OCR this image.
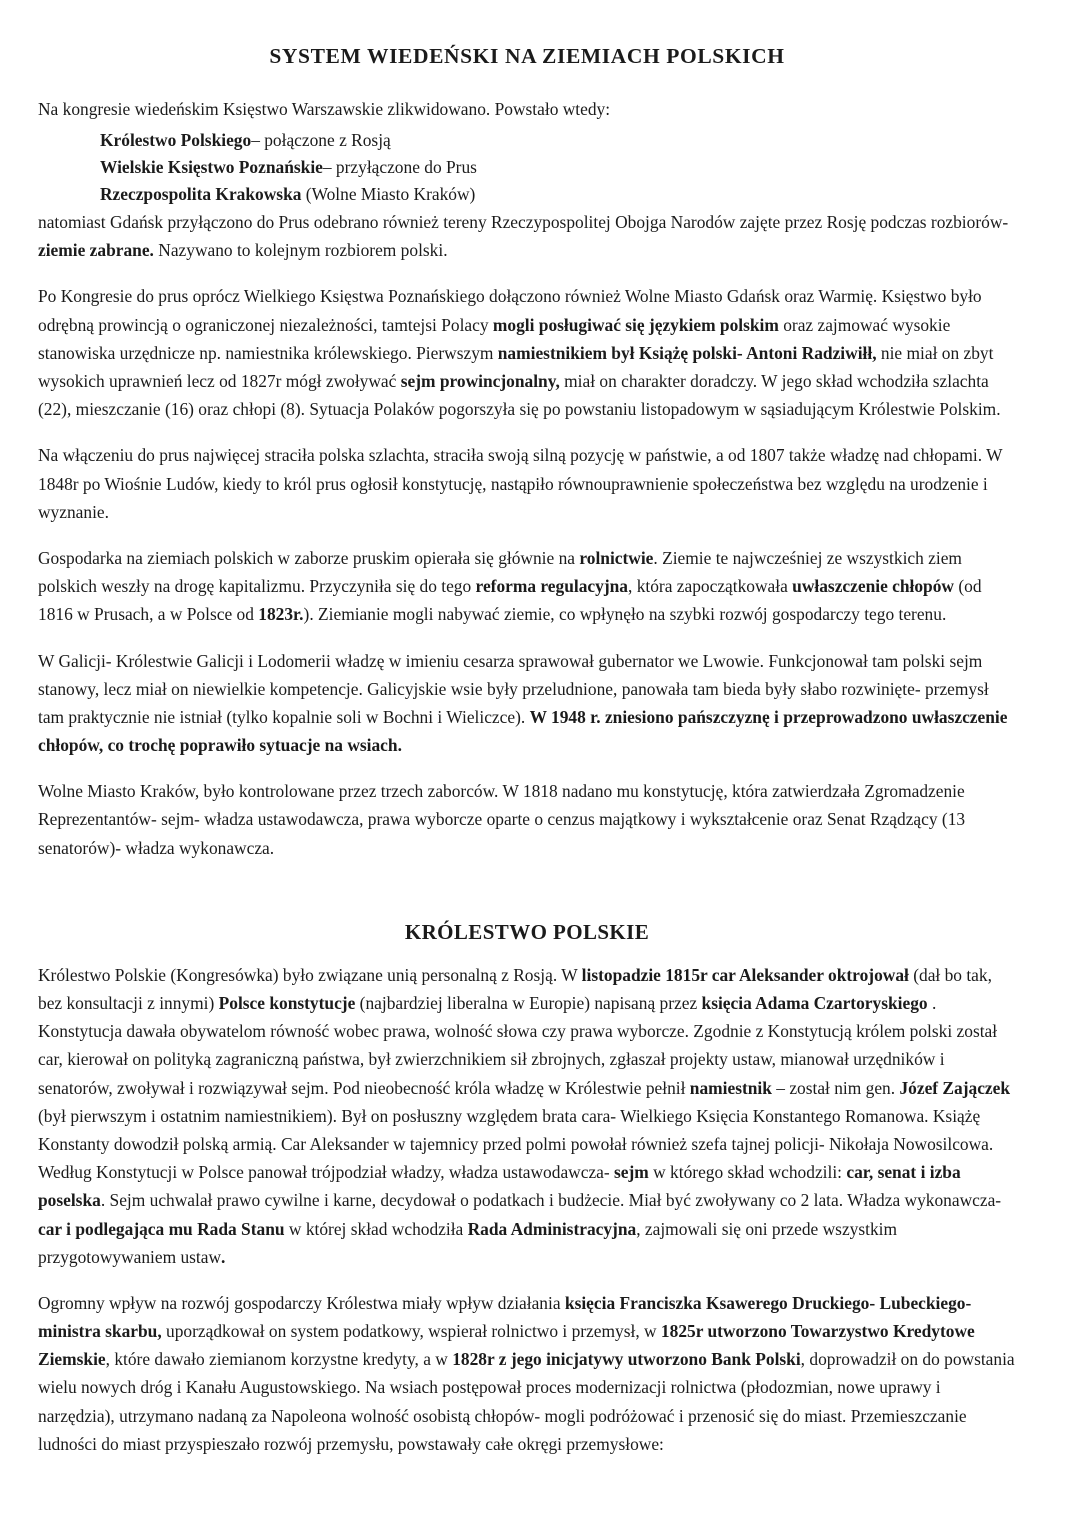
SYSTEM WIEDEŃSKI NA ZIEMIACH POLSKICH

Na kongresie wiedeńskim Księstwo Warszawskie zlikwidowano. Powstało wtedy:

Królestwo Polskiego– połączone z Rosją
Wielskie Księstwo Poznańskie– przyłączone do Prus
Rzeczpospolita Krakowska (Wolne Miasto Kraków)

natomiast Gdańsk przyłączono do Prus odebrano również tereny Rzeczypospolitej Obojga Narodów zajęte przez Rosję podczas rozbiorów- ziemie zabrane. Nazywano to kolejnym rozbiorem polski.

Po Kongresie do prus oprócz Wielkiego Księstwa Poznańskiego dołączono również Wolne Miasto Gdańsk oraz Warmię. Księstwo było odrębną prowincją o ograniczonej niezależności, tamtejsi Polacy mogli posługiwać się językiem polskim oraz zajmować wysokie stanowiska urzędnicze np. namiestnika królewskiego. Pierwszym namiestnikiem był Książę polski- Antoni Radziwiłł, nie miał on zbyt wysokich uprawnień lecz od 1827r mógł zwoływać sejm prowincjonalny, miał on charakter doradczy. W jego skład wchodziła szlachta (22), mieszczanie (16) oraz chłopi (8). Sytuacja Polaków pogorszyła się po powstaniu listopadowym w sąsiadującym Królestwie Polskim.

Na włączeniu do prus najwięcej straciła polska szlachta, straciła swoją silną pozycję w państwie, a od 1807 także władzę nad chłopami. W 1848r po Wiośnie Ludów, kiedy to król prus ogłosił konstytucję, nastąpiło równouprawnienie społeczeństwa bez względu na urodzenie i wyznanie.

Gospodarka na ziemiach polskich w zaborze pruskim opierała się głównie na rolnictwie. Ziemie te najwcześniej ze wszystkich ziem polskich weszły na drogę kapitalizmu. Przyczyniła się do tego reforma regulacyjna, która zapoczątkowała uwłaszczenie chłopów (od 1816 w Prusach, a w Polsce od 1823r.). Ziemianie mogli nabywać ziemie, co wpłynęło na szybki rozwój gospodarczy tego terenu.

W Galicji- Królestwie Galicji i Lodomerii władzę w imieniu cesarza sprawował gubernator we Lwowie. Funkcjonował tam polski sejm stanowy, lecz miał on niewielkie kompetencje. Galicyjskie wsie były przeludnione, panowała tam bieda były słabo rozwinięte- przemysł tam praktycznie nie istniał (tylko kopalnie soli w Bochni i Wieliczce). W 1948 r. zniesiono pańszczyznę i przeprowadzono uwłaszczenie chłopów, co trochę poprawiło sytuacje na wsiach.

Wolne Miasto Kraków, było kontrolowane przez trzech zaborców. W 1818 nadano mu konstytucję, która zatwierdzała Zgromadzenie Reprezentantów- sejm- władza ustawodawcza, prawa wyborcze oparte o cenzus majątkowy i wykształcenie oraz Senat Rządzący (13 senatorów)- władza wykonawcza.

KRÓLESTWO POLSKIE

Królestwo Polskie (Kongresówka) było związane unią personalną z Rosją. W listopadzie 1815r car Aleksander oktrojował (dał bo tak, bez konsultacji z innymi) Polsce konstytucje (najbardziej liberalna w Europie) napisaną przez księcia Adama Czartoryskiego . Konstytucja dawała obywatelom równość wobec prawa, wolność słowa czy prawa wyborcze. Zgodnie z Konstytucją królem polski został car, kierował on polityką zagraniczną państwa, był zwierzchnikiem sił zbrojnych, zgłaszał projekty ustaw, mianował urzędników i senatorów, zwoływał i rozwiązywał sejm. Pod nieobecność króla władzę w Królestwie pełnił namiestnik – został nim gen. Józef Zajączek (był pierwszym i ostatnim namiestnikiem). Był on posłuszny względem brata cara- Wielkiego Księcia Konstantego Romanowa. Książę Konstanty dowodził polską armią. Car Aleksander w tajemnicy przed polmi powołał również szefa tajnej policji- Nikołaja Nowosilcowa. Według Konstytucji w Polsce panował trójpodział władzy, władza ustawodawcza- sejm w którego skład wchodzili: car, senat i izba poselska. Sejm uchwalał prawo cywilne i karne, decydował o podatkach i budżecie. Miał być zwoływany co 2 lata. Władza wykonawcza- car i podlegająca mu Rada Stanu w której skład wchodziła Rada Administracyjna, zajmowali się oni przede wszystkim przygotowywaniem ustaw.

Ogromny wpływ na rozwój gospodarczy Królestwa miały wpływ działania księcia Franciszka Ksawerego Druckiego- Lubeckiego- ministra skarbu, uporządkował on system podatkowy, wspierał rolnictwo i przemysł, w 1825r utworzono Towarzystwo Kredytowe Ziemskie, które dawało ziemianom korzystne kredyty, a w 1828r z jego inicjatywy utworzono Bank Polski, doprowadził on do powstania wielu nowych dróg i Kanału Augustowskiego. Na wsiach postępował proces modernizacji rolnictwa (płodozmian, nowe uprawy i narzędzia), utrzymano nadaną za Napoleona wolność osobistą chłopów- mogli podróżować i przenosić się do miast. Przemieszczanie ludności do miast przyspieszało rozwój przemysłu, powstawały całe okręgi przemysłowe:
